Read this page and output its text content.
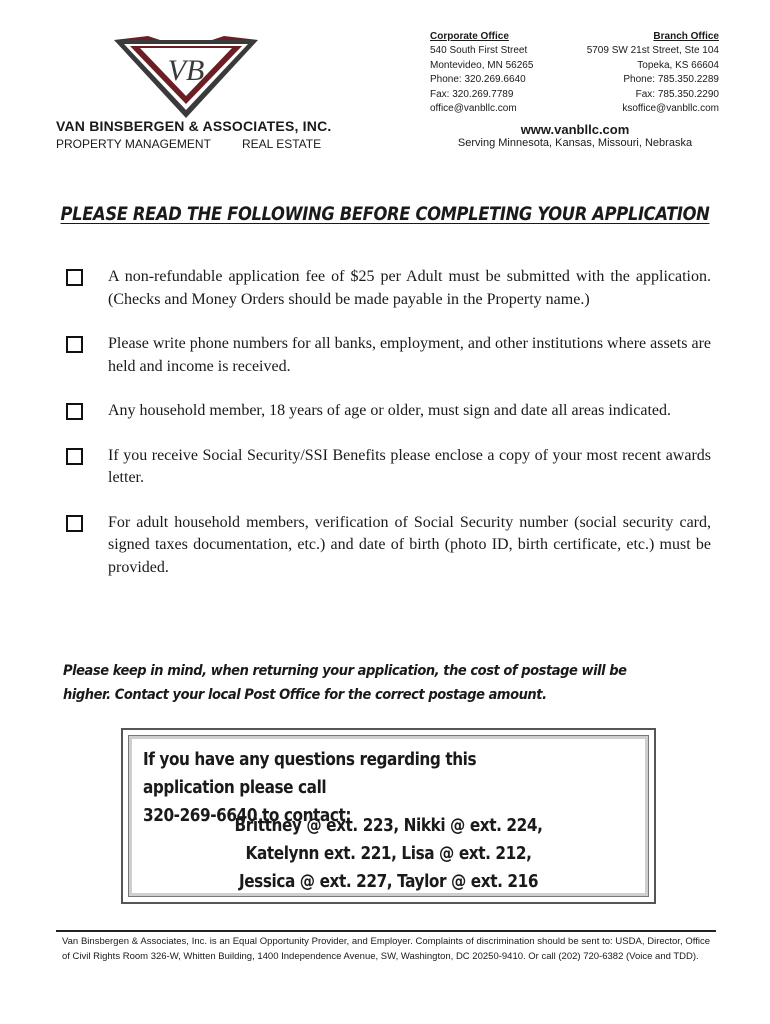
VB
VAN BINSBERGEN & ASSOCIATES, INC.
PROPERTY MANAGEMENT	REAL ESTATE
Corporate Office
540 South First Street
Montevideo, MN 56265
Phone: 320.269.6640
Fax: 320.269.7789
office@vanbllc.com
Branch Office
5709 SW 21st Street, Ste 104
Topeka, KS 66604
Phone: 785.350.2289
Fax: 785.350.2290
ksoffice@vanbllc.com
www.vanbllc.com
Serving Minnesota, Kansas, Missouri, Nebraska
PLEASE READ THE FOLLOWING BEFORE COMPLETING YOUR APPLICATION
A non-refundable application fee of $25 per Adult must be submitted with the application. (Checks and Money Orders should be made payable in the Property name.)
Please write phone numbers for all banks, employment, and other institutions where assets are held and income is received.
Any household member, 18 years of age or older, must sign and date all areas indicated.
If you receive Social Security/SSI Benefits please enclose a copy of your most recent awards letter.
For adult household members, verification of Social Security number (social security card, signed taxes documentation, etc.) and date of birth (photo ID, birth certificate, etc.) must be provided.
Please keep in mind, when returning your application, the cost of postage will be higher. Contact your local Post Office for the correct postage amount.
If you have any questions regarding this application please call
320-269-6640 to contact:
Brittney @ ext. 223, Nikki @ ext. 224,
Katelynn ext. 221, Lisa @ ext. 212,
Jessica @ ext. 227, Taylor @ ext. 216
Van Binsbergen & Associates, Inc. is an Equal Opportunity Provider, and Employer. Complaints of discrimination should be sent to: USDA, Director, Office of Civil Rights Room 326-W, Whitten Building, 1400 Independence Avenue, SW, Washington, DC 20250-9410. Or call (202) 720-6382 (Voice and TDD).
